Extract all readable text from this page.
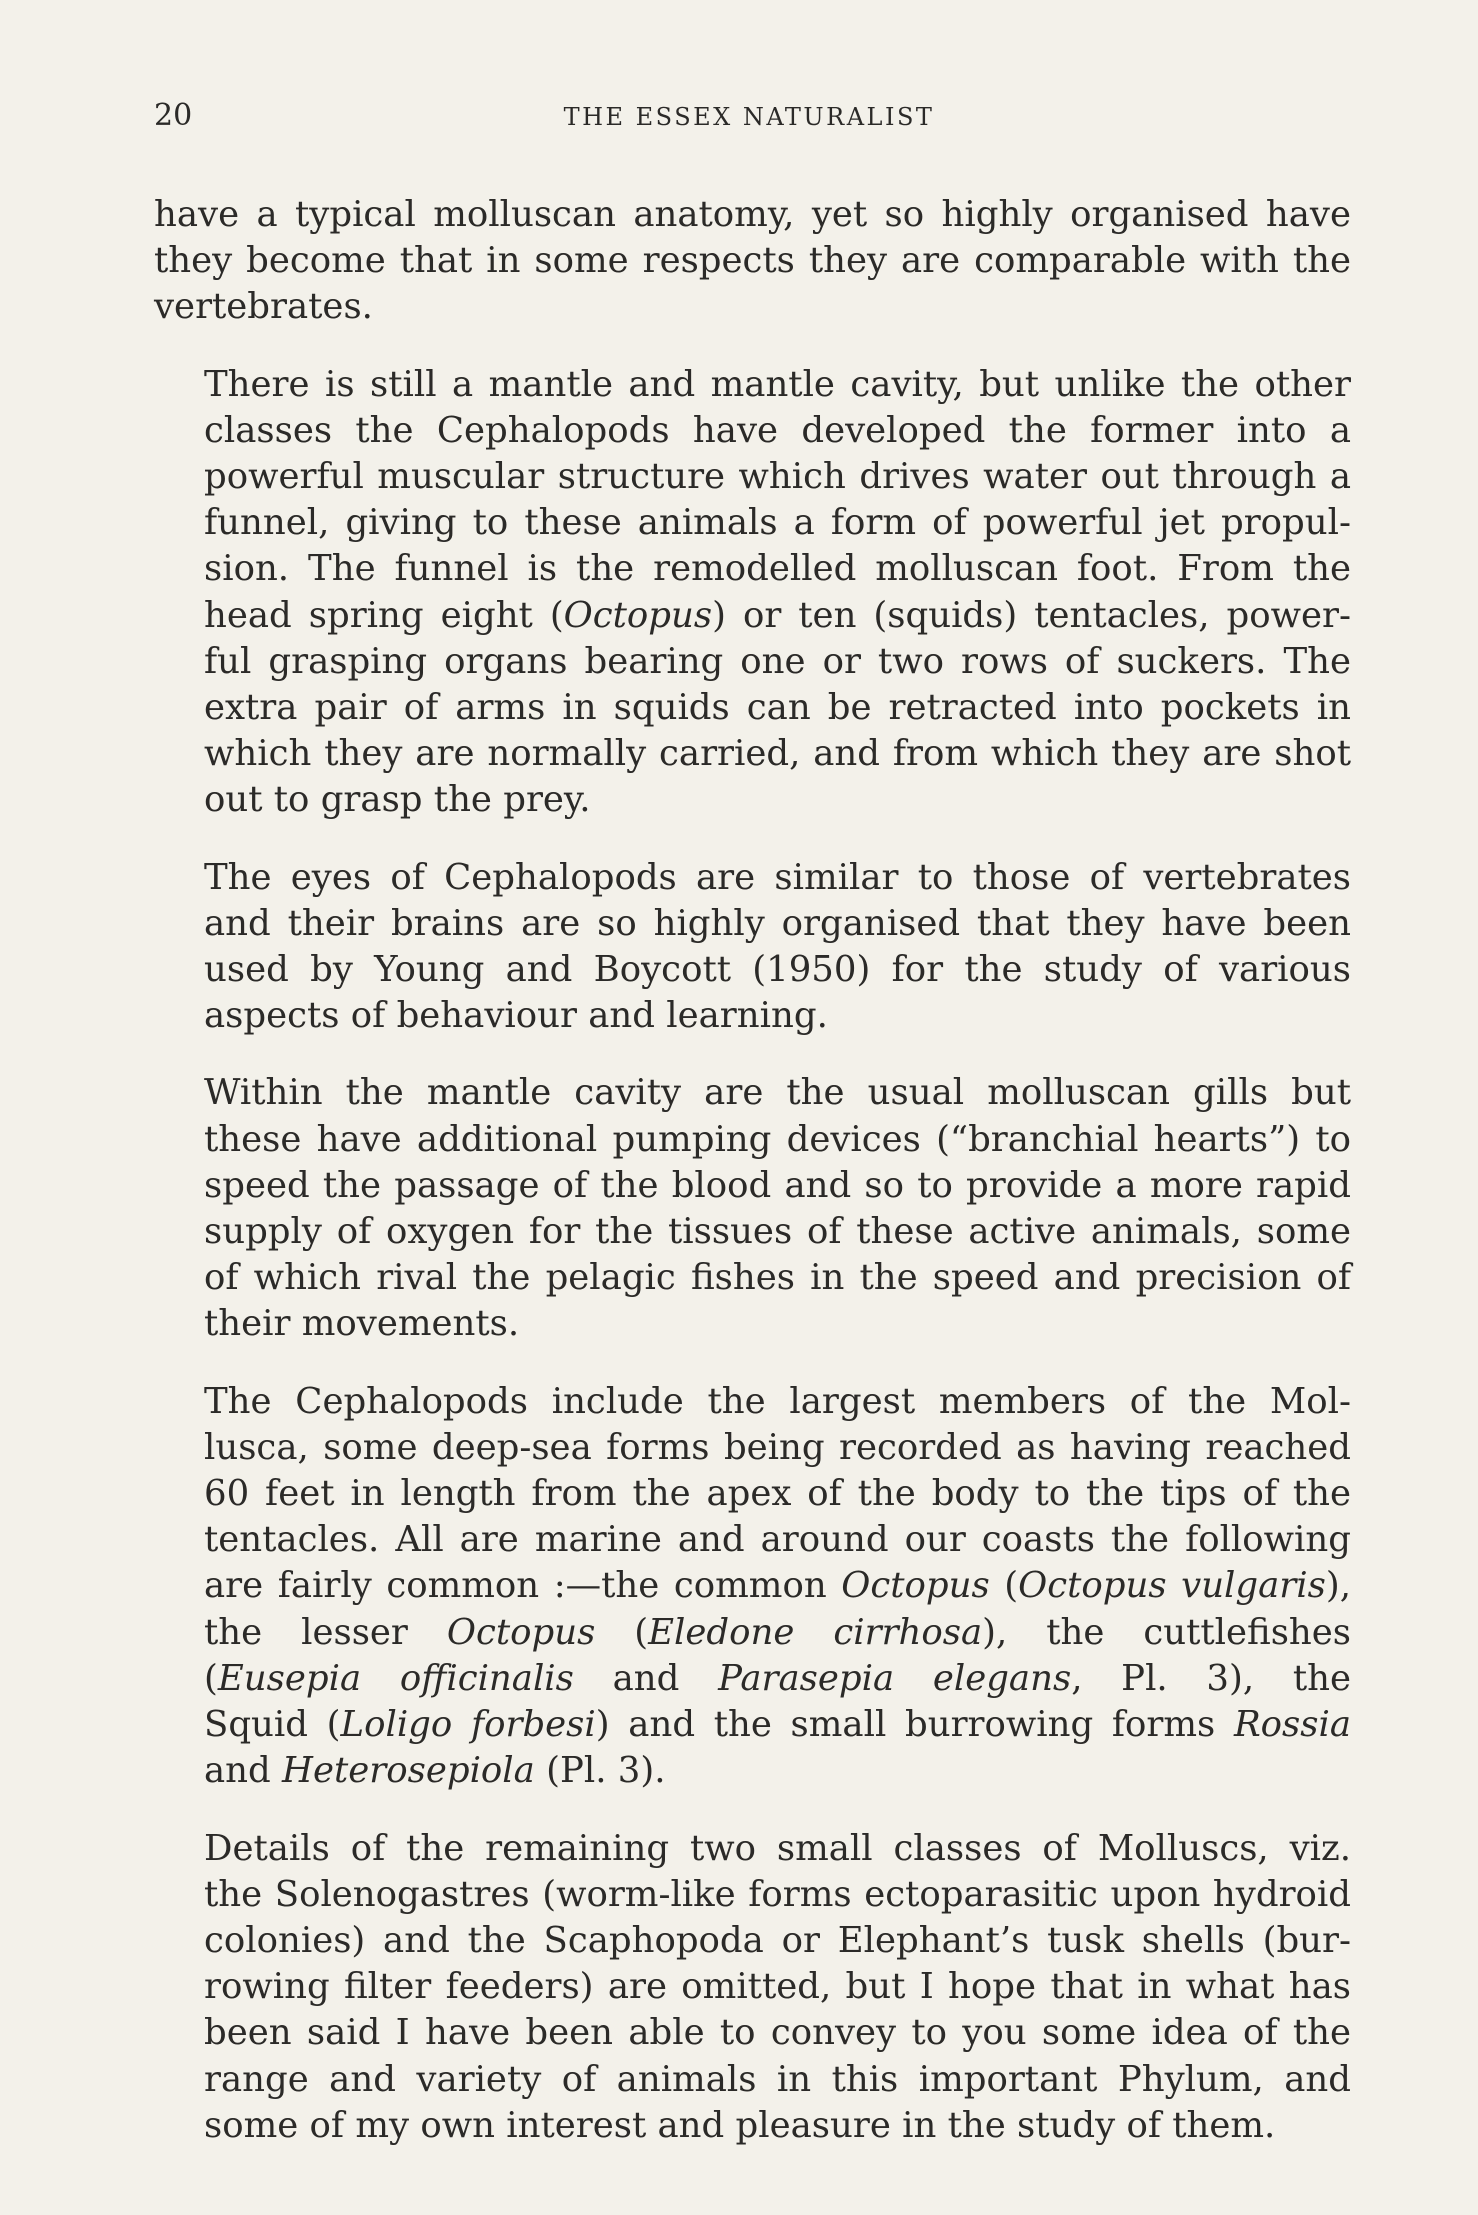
20	THE ESSEX NATURALIST

have a typical molluscan anatomy, yet so highly organised have
they become that in some respects they are comparable with the
vertebrates.

There is still a mantle and mantle cavity, but unlike the other
classes the Cephalopods have developed the former into a
powerful muscular structure which drives water out through a
funnel, giving to these animals a form of powerful jet propul-
sion. The funnel is the remodelled molluscan foot. From the
head spring eight (Octopus) or ten (squids) tentacles, power-
ful grasping organs bearing one or two rows of suckers. The
extra pair of arms in squids can be retracted into pockets in
which they are normally carried, and from which they are shot
out to grasp the prey.

The eyes of Cephalopods are similar to those of vertebrates
and their brains are so highly organised that they have been
used by Young and Boycott (1950) for the study of various
aspects of behaviour and learning.

Within the mantle cavity are the usual molluscan gills but
these have additional pumping devices (“branchial hearts”) to
speed the passage of the blood and so to provide a more rapid
supply of oxygen for the tissues of these active animals, some
of which rival the pelagic fishes in the speed and precision of
their movements.

The Cephalopods include the largest members of the Mol-
lusca, some deep-sea forms being recorded as having reached
60 feet in length from the apex of the body to the tips of the
tentacles. All are marine and around our coasts the following
are fairly common :—the common Octopus (Octopus vulgaris),
the lesser Octopus (Eledone cirrhosa), the cuttlefishes
(Eusepia officinalis and Parasepia elegans, Pl. 3), the
Squid (Loligo forbesi) and the small burrowing forms Rossia
and Heterosepiola (Pl. 3).

Details of the remaining two small classes of Molluscs, viz.
the Solenogastres (worm-like forms ectoparasitic upon hydroid
colonies) and the Scaphopoda or Elephant’s tusk shells (bur-
rowing filter feeders) are omitted, but I hope that in what has
been said I have been able to convey to you some idea of the
range and variety of animals in this important Phylum, and
some of my own interest and pleasure in the study of them.
